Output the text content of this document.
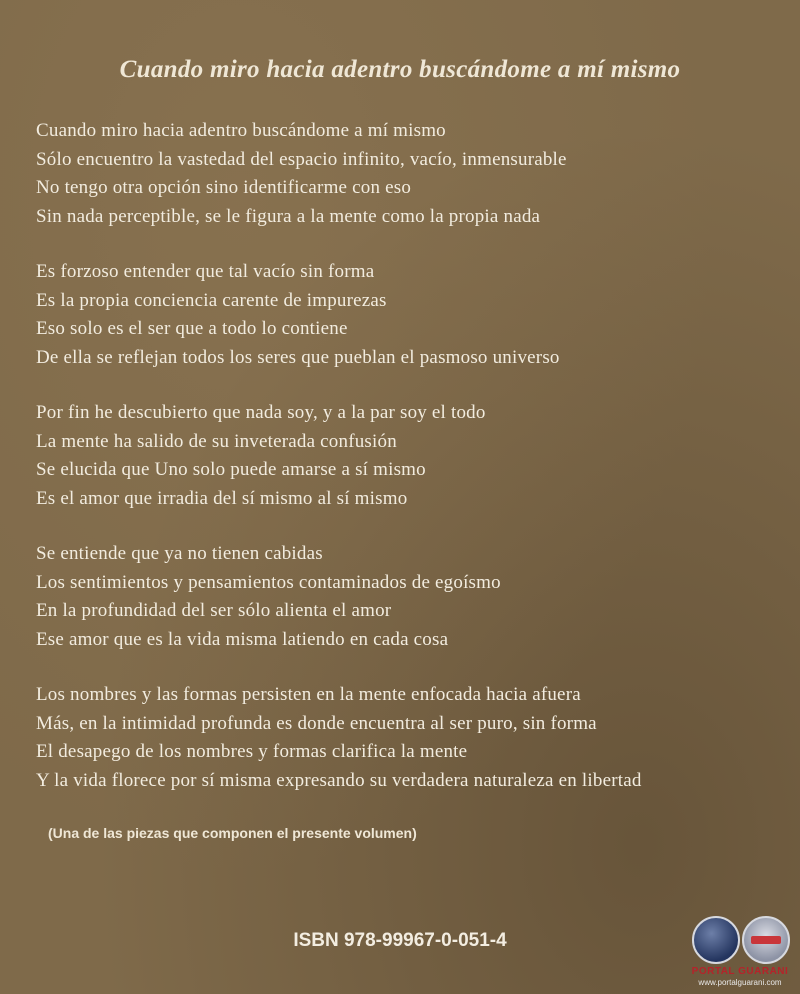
Cuando miro hacia adentro buscándome a mí mismo
Cuando miro hacia adentro buscándome a mí mismo
Sólo encuentro la vastedad del espacio infinito, vacío, inmensurable
No tengo otra opción sino identificarme con eso
Sin nada perceptible, se le figura a la mente como la propia nada
Es forzoso entender que tal vacío sin forma
Es la propia conciencia carente de impurezas
Eso solo es el ser que a todo lo contiene
De ella se reflejan todos los seres que pueblan el pasmoso universo
Por fin he descubierto que nada soy, y a la par soy el todo
La mente ha salido de su inveterada confusión
Se elucida que Uno solo puede amarse a sí mismo
Es el amor que irradia del sí mismo al sí mismo
Se entiende que ya no tienen cabidas
Los sentimientos y pensamientos contaminados de egoísmo
En la profundidad del ser sólo alienta el amor
Ese amor que es la vida misma latiendo en cada cosa
Los nombres y las formas persisten en la mente enfocada hacia afuera
Más, en la intimidad profunda es donde encuentra al ser puro, sin forma
El desapego de los nombres y formas clarifica la mente
Y la vida florece por sí misma expresando su verdadera naturaleza en libertad

(Una de las piezas que componen el presente volumen)

ISBN 978-99967-0-051-4

PORTAL GUARANI
www.portalguarani.com
